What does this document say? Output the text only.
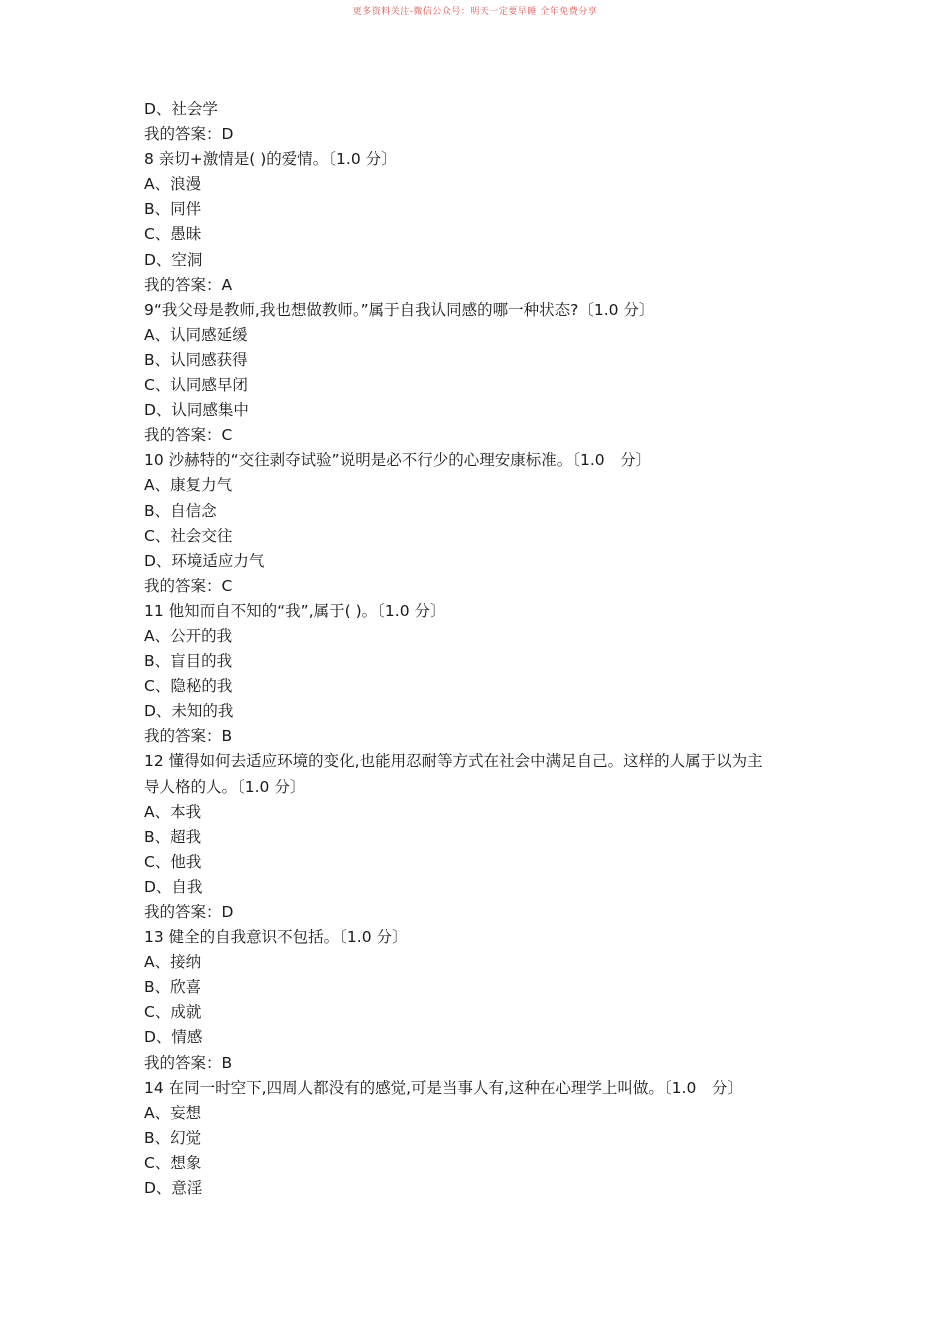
更多资料关注-微信公众号：明天一定要早睡 全年免费分享
D、社会学
我的答案：D
8 亲切+激情是( )的爱情。〔1.0 分〕
A、浪漫
B、同伴
C、愚昧
D、空洞
我的答案：A
9“我父母是教师,我也想做教师。”属于自我认同感的哪一种状态?〔1.0 分〕
A、认同感延缓
B、认同感获得
C、认同感早闭
D、认同感集中
我的答案：C
10 沙赫特的“交往剥夺试验”说明是必不行少的心理安康标准。〔1.0　分〕
A、康复力气
B、自信念
C、社会交往
D、环境适应力气
我的答案：C
11 他知而自不知的“我”,属于( )。〔1.0 分〕
A、公开的我
B、盲目的我
C、隐秘的我
D、未知的我
我的答案：B
12 懂得如何去适应环境的变化,也能用忍耐等方式在社会中满足自己。这样的人属于以为主
导人格的人。〔1.0 分〕
A、本我
B、超我
C、他我
D、自我
我的答案：D
13 健全的自我意识不包括。〔1.0 分〕
A、接纳
B、欣喜
C、成就
D、情感
我的答案：B
14 在同一时空下,四周人都没有的感觉,可是当事人有,这种在心理学上叫做。〔1.0　分〕
A、妄想
B、幻觉
C、想象
D、意淫
